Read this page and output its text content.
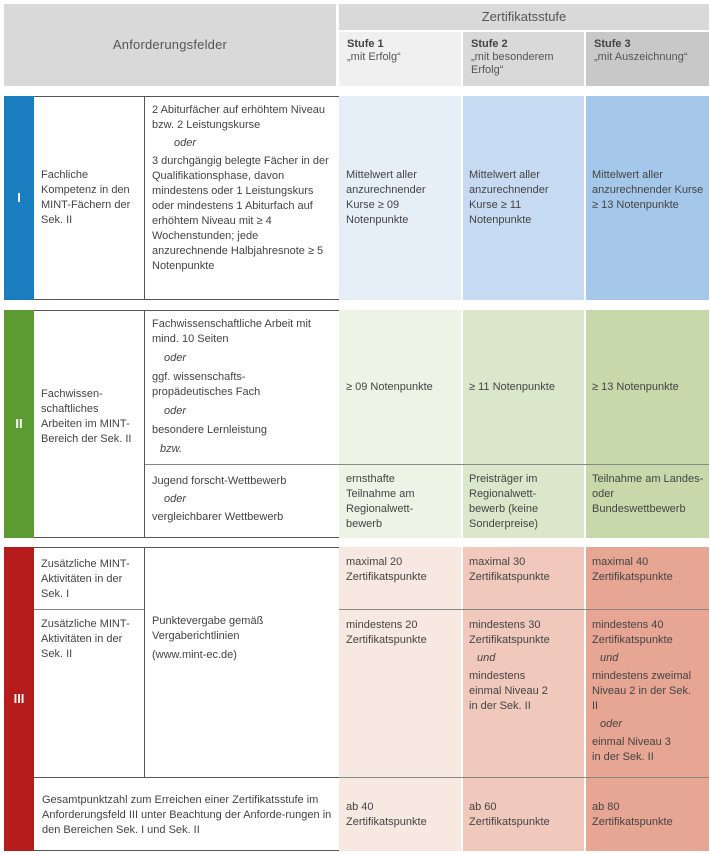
Anforderungsfelder
Zertifikatsstufe
Stufe 1
„mit Erfolg“
Stufe 2
„mit besonderem Erfolg“
Stufe 3
„mit Auszeichnung“
I
Fachliche Kompetenz in den MINT-Fächern der Sek. II
2 Abiturfächer auf erhöhtem Niveau bzw. 2 Leistungskurse
oder
3 durchgängig belegte Fächer in der Qualifikationsphase, davon mindestens oder 1 Leistungskurs oder mindestens 1 Abiturfach auf erhöhtem Niveau mit ≥ 4 Wochenstunden; jede anzurechnende Halbjahresnote ≥ 5 Notenpunkte
Mittelwert aller anzurechnender Kurse ≥ 09 Notenpunkte
Mittelwert aller anzurechnender Kurse ≥ 11 Notenpunkte
Mittelwert aller anzurechnender Kurse ≥ 13 Notenpunkte
II
Fachwissen-schaftliches Arbeiten im MINT-Bereich der Sek. II
Fachwissenschaftliche Arbeit mit mind. 10 Seiten
oder
ggf. wissenschafts-propädeutisches Fach
oder
besondere Lernleistung
bzw.
≥ 09 Notenpunkte	≥ 11 Notenpunkte	≥ 13 Notenpunkte
Jugend forscht-Wettbewerb
oder
vergleichbarer Wettbewerb
ernsthafte Teilnahme am Regionalwett-bewerb
Preisträger im Regionalwett-bewerb (keine Sonderpreise)
Teilnahme am Landes- oder Bundeswettbewerb
III
Zusätzliche MINT-Aktivitäten in der Sek. I
Zusätzliche MINT-Aktivitäten in der Sek. II
Punktevergabe gemäß Vergaberichtlinien
(www.mint-ec.de)
maximal 20 Zertifikatspunkte
maximal 30 Zertifikatspunkte
maximal 40 Zertifikatspunkte
mindestens 20 Zertifikatspunkte
mindestens 30 Zertifikatspunkte
und
mindestens einmal Niveau 2 in der Sek. II
mindestens 40 Zertifikatspunkte
und
mindestens zweimal Niveau 2 in der Sek. II
oder
einmal Niveau 3 in der Sek. II
Gesamtpunktzahl zum Erreichen einer Zertifikatsstufe im Anforderungsfeld III unter Beachtung der Anforde-rungen in den Bereichen Sek. I und Sek. II
ab 40 Zertifikatspunkte
ab 60 Zertifikatspunkte
ab 80 Zertifikatspunkte
